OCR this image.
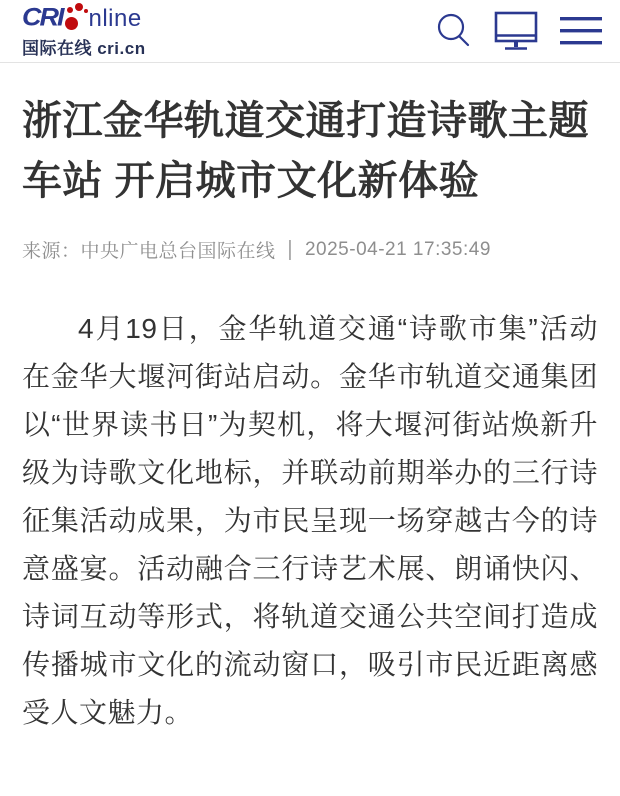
CRI nline
国际在线 cri.cn
浙江金华轨道交通打造诗歌主题
车站 开启城市文化新体验
来源： 中央广电总台国际在线 | 2025-04-21 17:35:49

4月19日，金华轨道交通“诗歌市集”活动在金华大堰河街站启动。金华市轨道交通集团以“世界读书日”为契机，将大堰河街站焕新升级为诗歌文化地标，并联动前期举办的三行诗征集活动成果，为市民呈现一场穿越古今的诗意盛宴。活动融合三行诗艺术展、朗诵快闪、诗词互动等形式，将轨道交通公共空间打造成传播城市文化的流动窗口，吸引市民近距离感受人文魅力。
